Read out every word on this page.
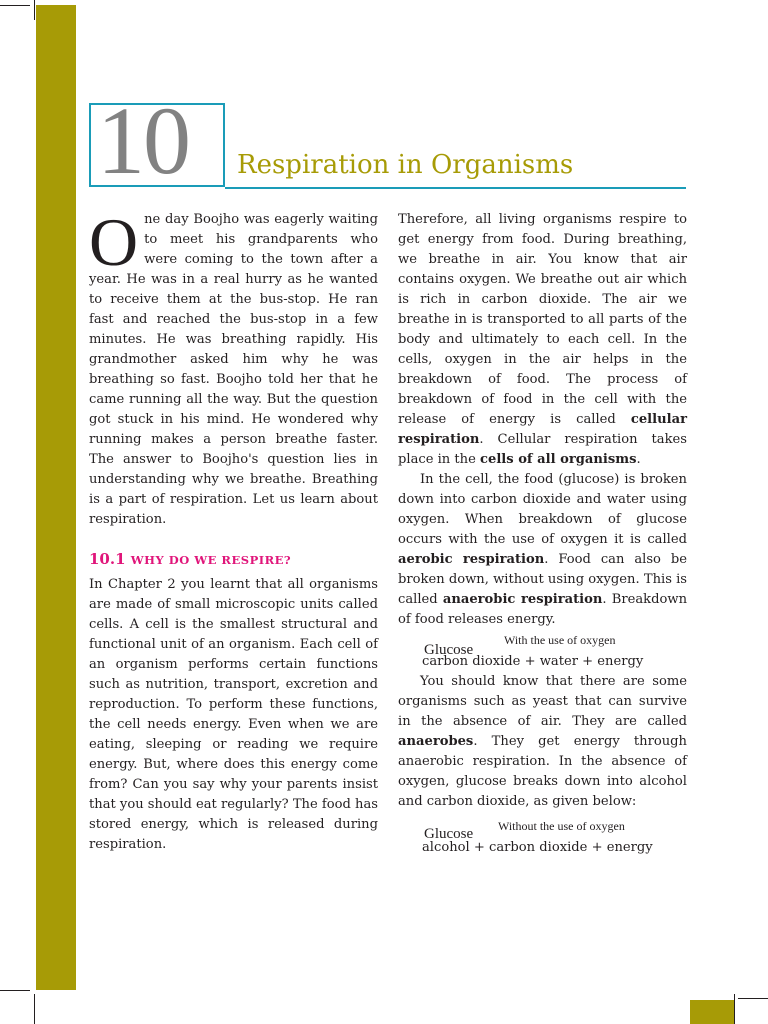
10 Respiration in Organisms

One day Boojho was eagerly waiting to meet his grandparents who were coming to the town after a year. He was in a real hurry as he wanted to receive them at the bus-stop. He ran fast and reached the bus-stop in a few minutes. He was breathing rapidly. His grandmother asked him why he was breathing so fast. Boojho told her that he came running all the way. But the question got stuck in his mind. He wondered why running makes a person breathe faster. The answer to Boojho's question lies in understanding why we breathe. Breathing is a part of respiration. Let us learn about respiration.

10.1 WHY DO WE RESPIRE?

In Chapter 2 you learnt that all organisms are made of small microscopic units called cells. A cell is the smallest structural and functional unit of an organism. Each cell of an organism performs certain functions such as nutrition, transport, excretion and reproduction. To perform these functions, the cell needs energy. Even when we are eating, sleeping or reading we require energy. But, where does this energy come from? Can you say why your parents insist that you should eat regularly? The food has stored energy, which is released during respiration.

Therefore, all living organisms respire to get energy from food. During breathing, we breathe in air. You know that air contains oxygen. We breathe out air which is rich in carbon dioxide. The air we breathe in is transported to all parts of the body and ultimately to each cell. In the cells, oxygen in the air helps in the breakdown of food. The process of breakdown of food in the cell with the release of energy is called cellular respiration. Cellular respiration takes place in the cells of all organisms.

In the cell, the food (glucose) is broken down into carbon dioxide and water using oxygen. When breakdown of glucose occurs with the use of oxygen it is called aerobic respiration. Food can also be broken down, without using oxygen. This is called anaerobic respiration. Breakdown of food releases energy.

Glucose
With the use of oxygen
carbon dioxide + water + energy

You should know that there are some organisms such as yeast that can survive in the absence of air. They are called anaerobes. They get energy through anaerobic respiration. In the absence of oxygen, glucose breaks down into alcohol and carbon dioxide, as given below:

Glucose Without the use of oxygen
alcohol + carbon dioxide + energy
